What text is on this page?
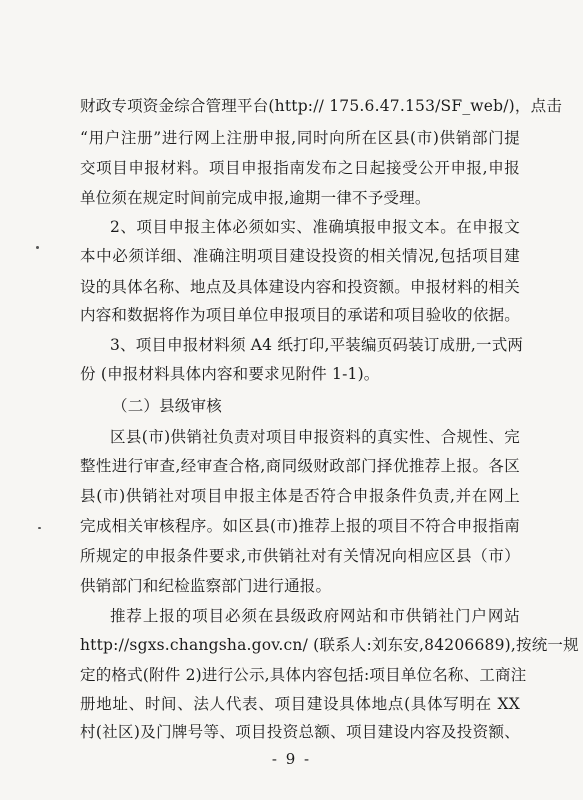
财政专项资金综合管理平台(http:// 175.6.47.153/SF_web/)，点击
“用户注册”进行网上注册申报,同时向所在区县(市)供销部门提
交项目申报材料。项目申报指南发布之日起接受公开申报,申报
单位须在规定时间前完成申报,逾期一律不予受理。
2、项目申报主体必须如实、准确填报申报文本。在申报文
本中必须详细、准确注明项目建设投资的相关情况,包括项目建
设的具体名称、地点及具体建设内容和投资额。申报材料的相关
内容和数据将作为项目单位申报项目的承诺和项目验收的依据。
3、项目申报材料须 A4 纸打印,平装编页码装订成册,一式两
份 (申报材料具体内容和要求见附件 1-1)。
（二）县级审核
区县(市)供销社负责对项目申报资料的真实性、合规性、完
整性进行审查,经审查合格,商同级财政部门择优推荐上报。各区
县(市)供销社对项目申报主体是否符合申报条件负责,并在网上
完成相关审核程序。如区县(市)推荐上报的项目不符合申报指南
所规定的申报条件要求,市供销社对有关情况向相应区县（市）
供销部门和纪检监察部门进行通报。
推荐上报的项目必须在县级政府网站和市供销社门户网站
http://sgxs.changsha.gov.cn/ (联系人:刘东安,84206689),按统一规
定的格式(附件 2)进行公示,具体内容包括:项目单位名称、工商注
册地址、时间、法人代表、项目建设具体地点(具体写明在 XX
村(社区)及门牌号等、项目投资总额、项目建设内容及投资额、
- 9 -
